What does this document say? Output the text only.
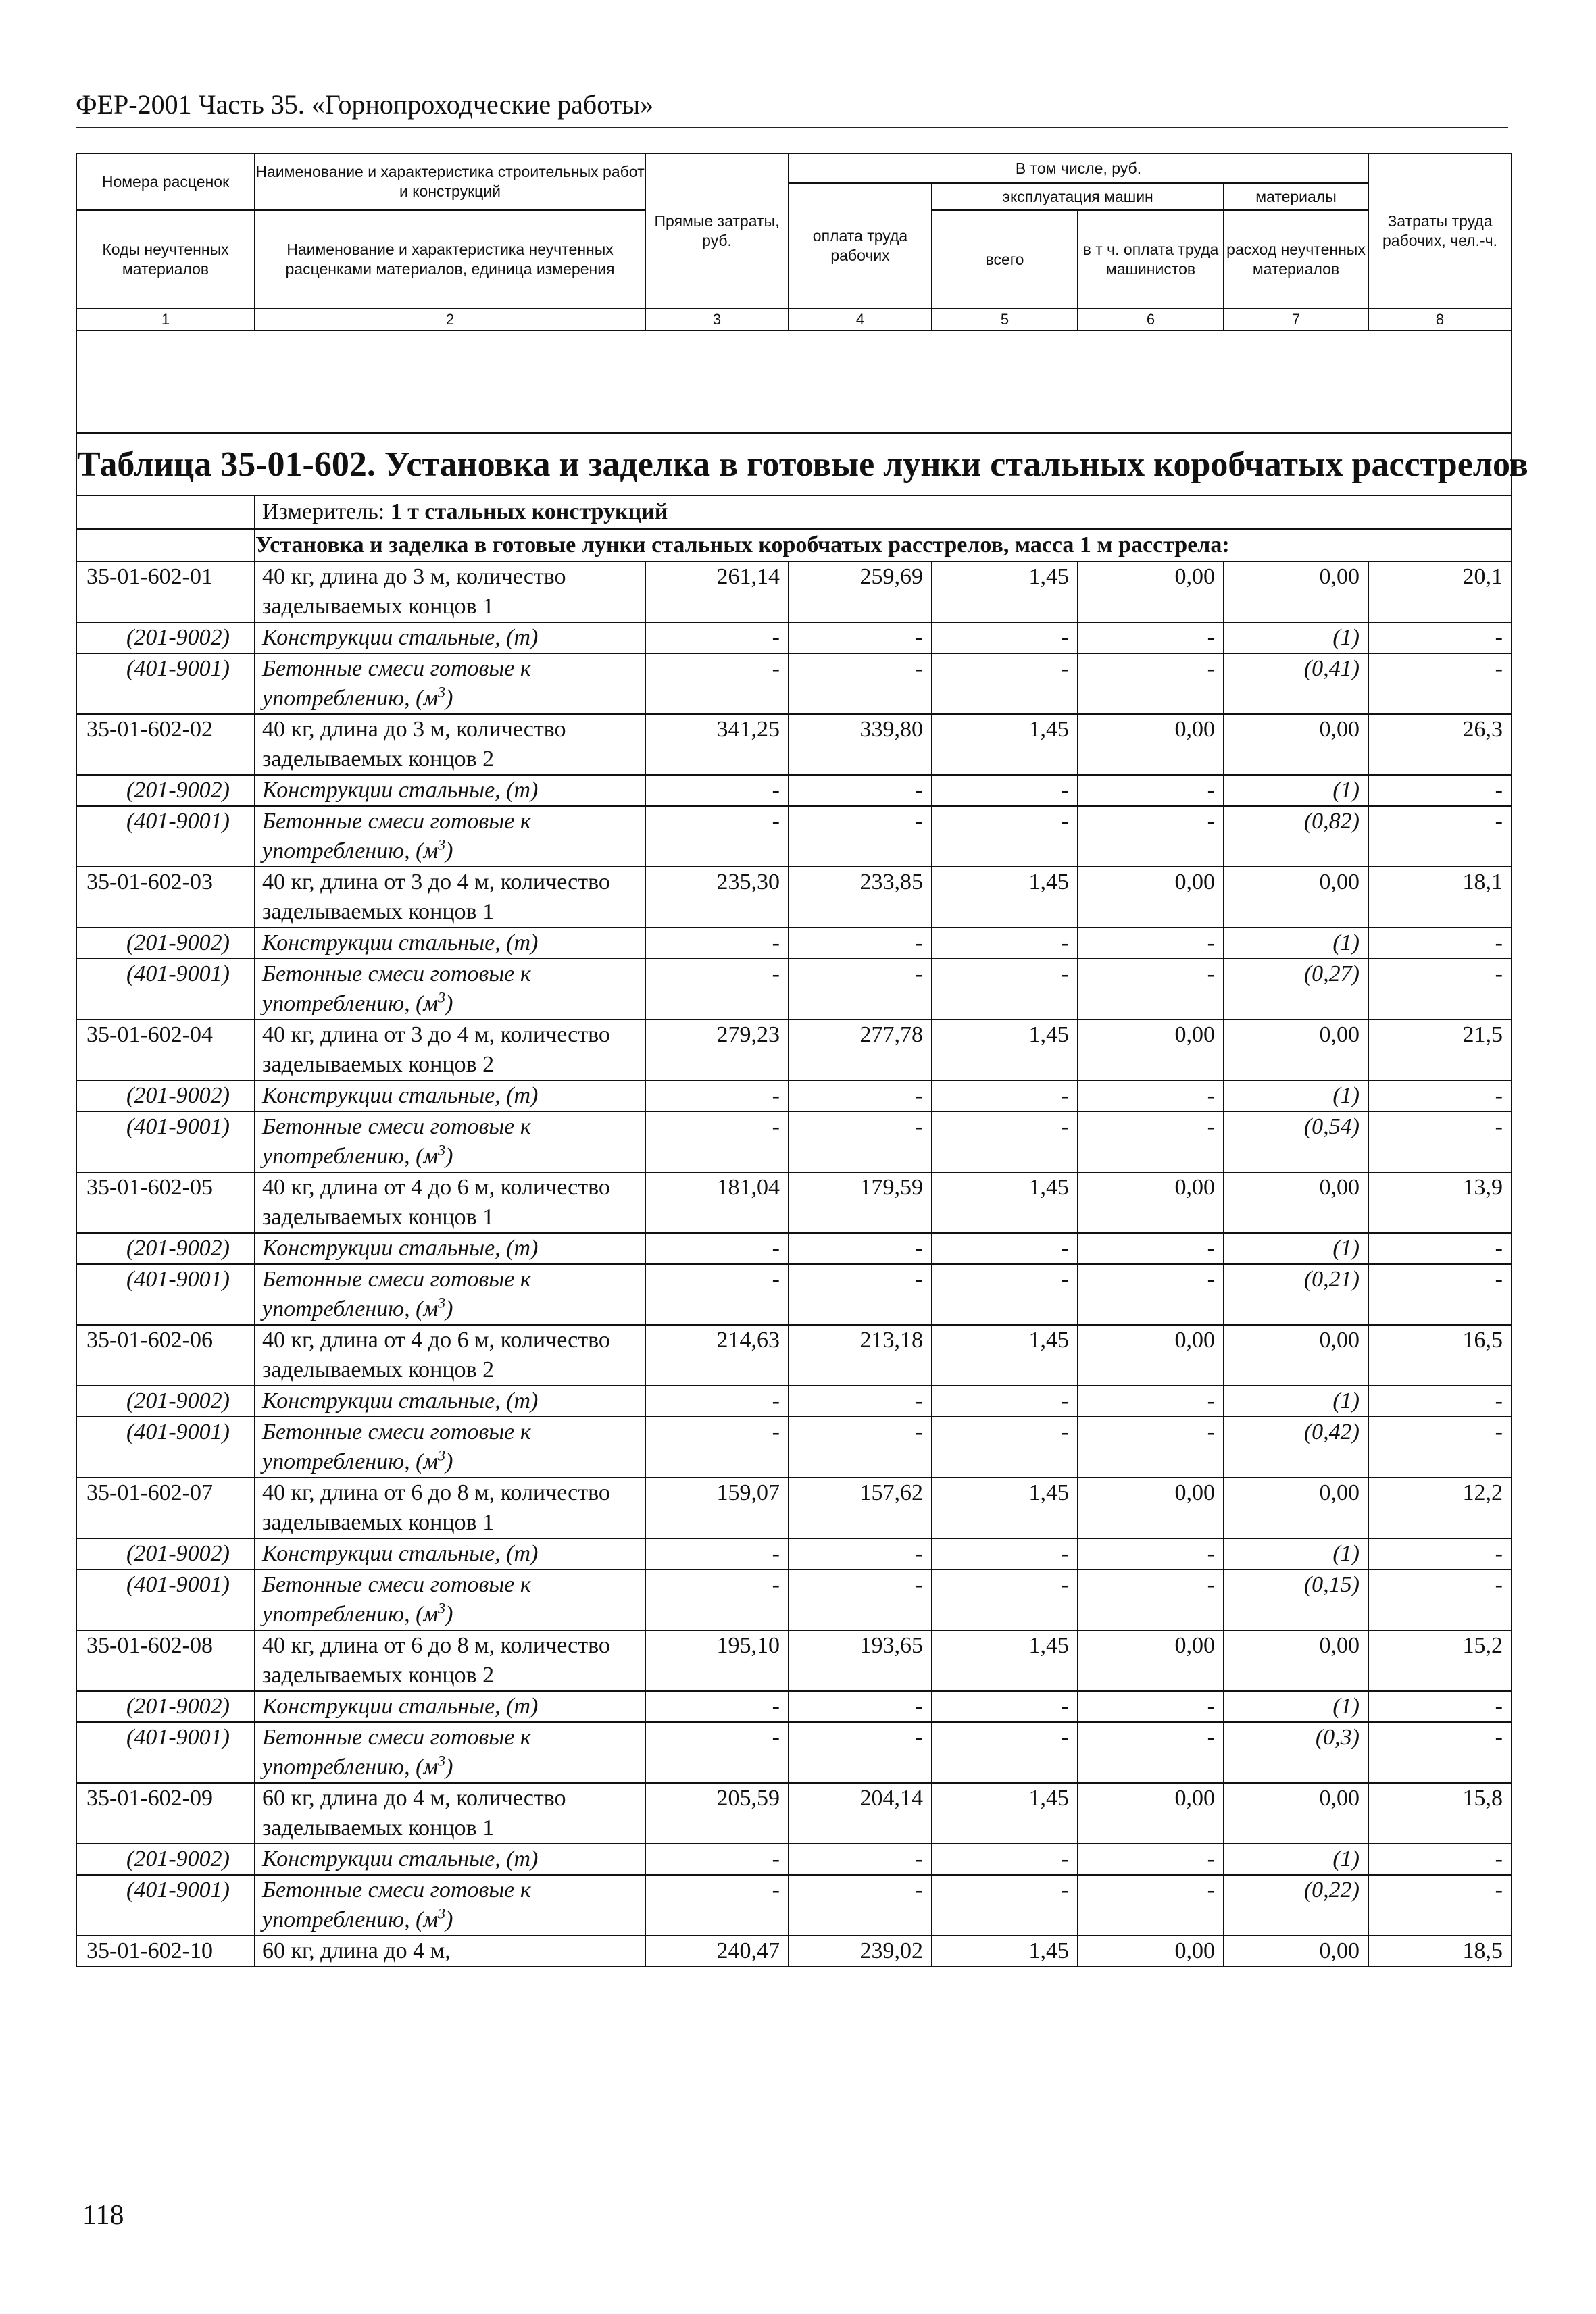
ФЕР-2001 Часть 35. «Горнопроходческие работы»
Номера расценок	Наименование и характеристика строительных работ и конструкций	Прямые затраты, руб.	В том числе, руб.				Затраты труда рабочих, чел.-ч.
			оплата труда рабочих	эксплуатация машин		материалы	
Коды неучтенных материалов	Наименование и характеристика неучтенных расценками материалов, единица измерения			всего	в т ч. оплата труда машинистов	расход неучтенных материалов	

1	2	3	4	5	6	7	8

Таблица 35-01-602. Установка и заделка в готовые лунки стальных коробчатых расстрелов							
	Измеритель: 1 т стальных конструкций						
	Установка и заделка в готовые лунки стальных коробчатых расстрелов, масса 1 м расстрела:						
35-01-602-01	40 кг, длина до 3 м, количество заделываемых концов 1	261,14	259,69	1,45	0,00	0,00	20,1
(201-9002)	Конструкции стальные, (т)	-	-	-	-	(1)	-
(401-9001)	Бетонные смеси готовые к употреблению, $(м^3)$	-	-	-	-	(0,41)	-
35-01-602-02	40 кг, длина до 3 м, количество заделываемых концов 2	341,25	339,80	1,45	0,00	0,00	26,3
(201-9002)	Конструкции стальные, (т)	-	-	-	-	(1)	-
(401-9001)	Бетонные смеси готовые к употреблению, $(м^3)$	-	-	-	-	(0,82)	-
35-01-602-03	40 кг, длина от 3 до 4 м, количество заделываемых концов 1	235,30	233,85	1,45	0,00	0,00	18,1
(201-9002)	Конструкции стальные, (т)	-	-	-	-	(1)	-
(401-9001)	Бетонные смеси готовые к употреблению, $(м^3)$	-	-	-	-	(0,27)	-
35-01-602-04	40 кг, длина от 3 до 4 м, количество заделываемых концов 2	279,23	277,78	1,45	0,00	0,00	21,5
(201-9002)	Конструкции стальные, (т)	-	-	-	-	(1)	-
(401-9001)	Бетонные смеси готовые к употреблению, $(м^3)$	-	-	-	-	(0,54)	-
35-01-602-05	40 кг, длина от 4 до 6 м, количество заделываемых концов 1	181,04	179,59	1,45	0,00	0,00	13,9
(201-9002)	Конструкции стальные, (т)	-	-	-	-	(1)	-
(401-9001)	Бетонные смеси готовые к употреблению, $(м^3)$	-	-	-	-	(0,21)	-
35-01-602-06	40 кг, длина от 4 до 6 м, количество заделываемых концов 2	214,63	213,18	1,45	0,00	0,00	16,5
(201-9002)	Конструкции стальные, (т)	-	-	-	-	(1)	-
(401-9001)	Бетонные смеси готовые к употреблению, $(м^3)$	-	-	-	-	(0,42)	-
35-01-602-07	40 кг, длина от 6 до 8 м, количество заделываемых концов 1	159,07	157,62	1,45	0,00	0,00	12,2
(201-9002)	Конструкции стальные, (т)	-	-	-	-	(1)	-
(401-9001)	Бетонные смеси готовые к употреблению, $(м^3)$	-	-	-	-	(0,15)	-
35-01-602-08	40 кг, длина от 6 до 8 м, количество заделываемых концов 2	195,10	193,65	1,45	0,00	0,00	15,2
(201-9002)	Конструкции стальные, (т)	-	-	-	-	(1)	-
(401-9001)	Бетонные смеси готовые к употреблению, $(м^3)$	-	-	-	-	(0,3)	-
35-01-602-09	60 кг, длина до 4 м, количество заделываемых концов 1	205,59	204,14	1,45	0,00	0,00	15,8
(201-9002)	Конструкции стальные, (т)	-	-	-	-	(1)	-
(401-9001)	Бетонные смеси готовые к употреблению, $(м^3)$	-	-	-	-	(0,22)	-
35-01-602-10	60 кг, длина до 4 м,	240,47	239,02	1,45	0,00	0,00	18,5
118
